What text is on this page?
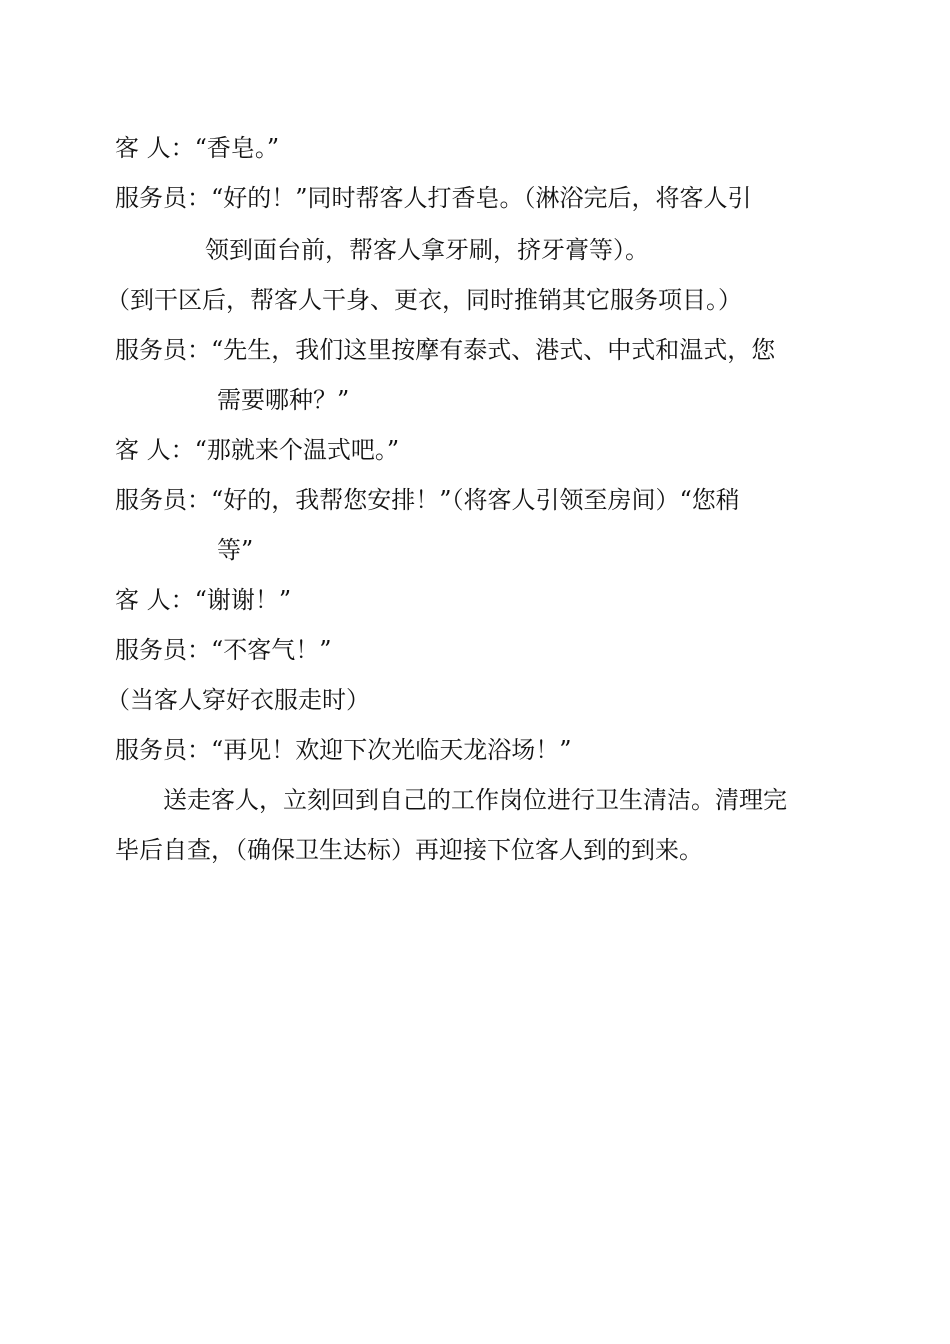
客 人：“香皂。”
服务员：“好的！”同时帮客人打香皂。（淋浴完后，将客人引
领到面台前，帮客人拿牙刷，挤牙膏等）。
（到干区后，帮客人干身、更衣，同时推销其它服务项目。）
服务员：“先生，我们这里按摩有泰式、港式、中式和温式，您
需要哪种？”
客 人：“那就来个温式吧。”
服务员：“好的，我帮您安排！”（将客人引领至房间）“您稍
等”
客 人：“谢谢！”
服务员：“不客气！”
（当客人穿好衣服走时）
服务员：“再见！欢迎下次光临天龙浴场！”
送走客人，立刻回到自己的工作岗位进行卫生清洁。清理完
毕后自查，（确保卫生达标）再迎接下位客人到的到来。
